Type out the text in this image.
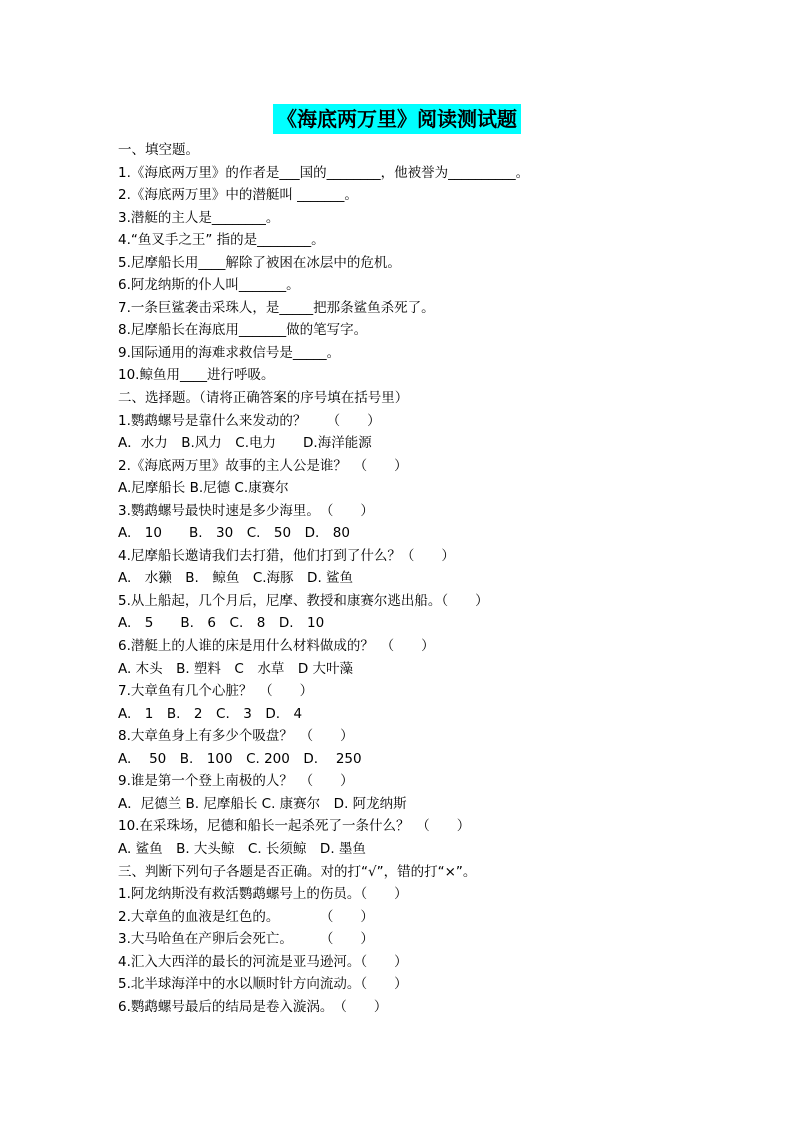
《海底两万里》阅读测试题
一、填空题。
1.《海底两万里》的作者是___国的________，他被誉为__________。
2.《海底两万里》中的潜艇叫 _______。
3.潜艇的主人是________。
4.“鱼叉手之王” 指的是________。
5.尼摩船长用____解除了被困在冰层中的危机。
6.阿龙纳斯的仆人叫_______。
7.一条巨鲨袭击采珠人，是_____把那条鲨鱼杀死了。
8.尼摩船长在海底用_______做的笔写字。
9.国际通用的海难求救信号是_____。
10.鲸鱼用____进行呼吸。
二、选择题。（请将正确答案的序号填在括号里）
1.鹦鹉螺号是靠什么来发动的？　　（　　）
A．水力　B.风力　C.电力　　D.海洋能源
2.《海底两万里》故事的主人公是谁？　（　　）
A.尼摩船长 B.尼德 C.康赛尔
3.鹦鹉螺号最快时速是多少海里。　（　　）
A.　10　　B.　30　C.　50　D.　80
4.尼摩船长邀请我们去打猎，他们打到了什么？（　　）
A.　水獭　B.　鲸鱼　C.海豚　D. 鲨鱼
5.从上船起，几个月后，尼摩、教授和康赛尔逃出船。（　　）
A.　5　　B.　6　C.　8　D.　10
6.潜艇上的人谁的床是用什么材料做成的？　（　　）
A. 木头　B. 塑料　C　水草　D 大叶藻
7.大章鱼有几个心脏？　（　　）
A.　1　B.　2　C.　3　D.　4
8.大章鱼身上有多少个吸盘？　（　　）
A.　 50　B.　100　C. 200　D.　 250
9.谁是第一个登上南极的人？　（　　）
A．尼德兰 B. 尼摩船长 C. 康赛尔　D. 阿龙纳斯
10.在采珠场，尼德和船长一起杀死了一条什么？　（　　）
A. 鲨鱼　B. 大头鲸　C. 长须鲸　D. 墨鱼
三、判断下列句子各题是否正确。对的打“√”，错的打“×”。
1.阿龙纳斯没有救活鹦鹉螺号上的伤员。（　　）
2.大章鱼的血液是红色的。　　　　（　　）
3.大马哈鱼在产卵后会死亡。　　　（　　）
4.汇入大西洋的最长的河流是亚马逊河。（　　）
5.北半球海洋中的水以顺时针方向流动。（　　）
6.鹦鹉螺号最后的结局是卷入漩涡。　（　　）
